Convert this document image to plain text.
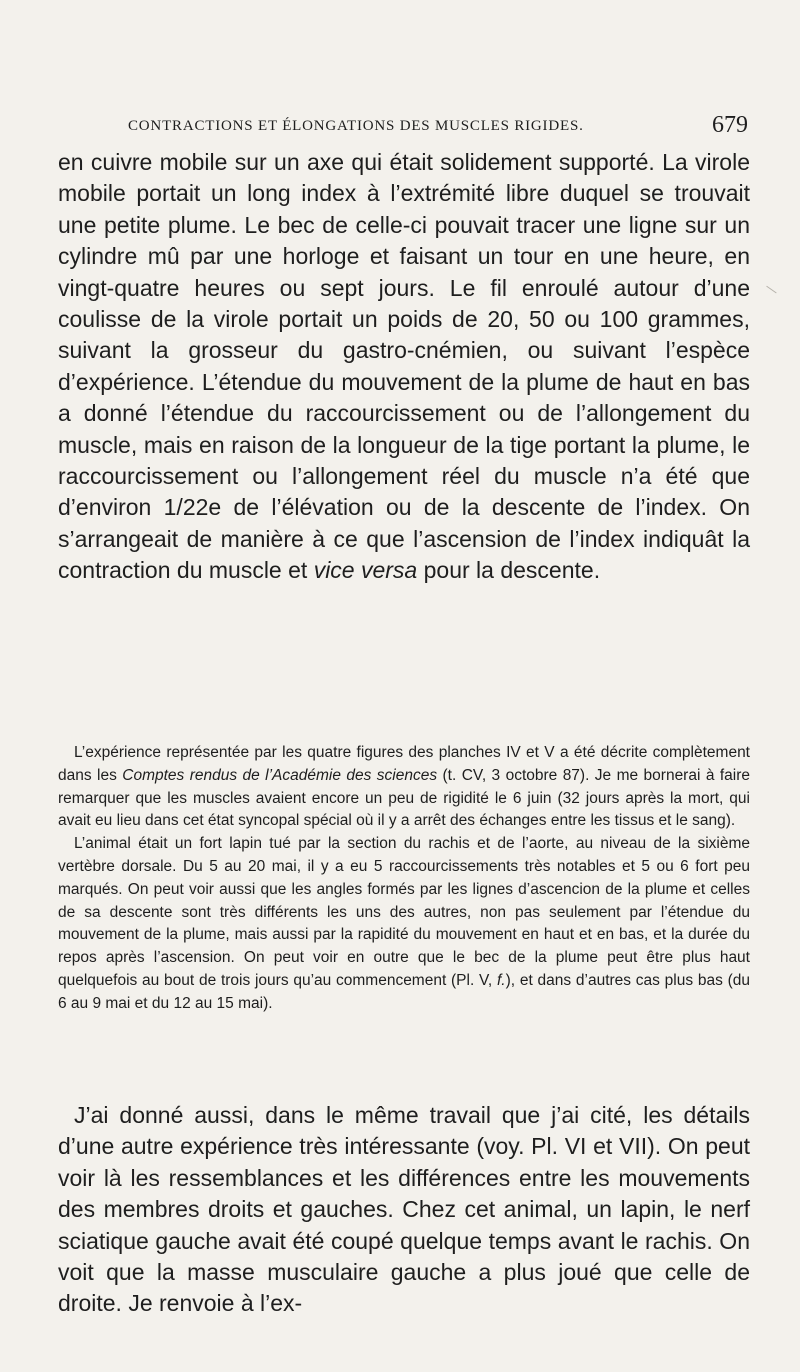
CONTRACTIONS ET ÉLONGATIONS DES MUSCLES RIGIDES.	679

en cuivre mobile sur un axe qui était solidement supporté. La virole mobile portait un long index à l’extrémité libre duquel se trouvait une petite plume. Le bec de celle-ci pouvait tracer une ligne sur un cylindre mû par une horloge et faisant un tour en une heure, en vingt-quatre heures ou sept jours. Le fil enroulé autour d’une coulisse de la virole portait un poids de 20, 50 ou 100 grammes, suivant la grosseur du gastro-cnémien, ou suivant l’espèce d’expérience. L’étendue du mouvement de la plume de haut en bas a donné l’étendue du raccourcissement ou de l’allongement du muscle, mais en raison de la longueur de la tige portant la plume, le raccourcissement ou l’allongement réel du muscle n’a été que d’environ 1/22e de l’élévation ou de la descente de l’index. On s’arrangeait de manière à ce que l’ascension de l’index indiquât la contraction du muscle et vice versa pour la descente.

L’expérience représentée par les quatre figures des planches IV et V a été décrite complètement dans les Comptes rendus de l’Académie des sciences (t. CV, 3 octobre 87). Je me bornerai à faire remarquer que les muscles avaient encore un peu de rigidité le 6 juin (32 jours après la mort, qui avait eu lieu dans cet état syncopal spécial où il y a arrêt des échanges entre les tissus et le sang).

L’animal était un fort lapin tué par la section du rachis et de l’aorte, au niveau de la sixième vertèbre dorsale. Du 5 au 20 mai, il y a eu 5 raccourcissements très notables et 5 ou 6 fort peu marqués. On peut voir aussi que les angles formés par les lignes d’ascencion de la plume et celles de sa descente sont très différents les uns des autres, non pas seulement par l’étendue du mouvement de la plume, mais aussi par la rapidité du mouvement en haut et en bas, et la durée du repos après l’ascension. On peut voir en outre que le bec de la plume peut être plus haut quelquefois au bout de trois jours qu’au commencement (Pl. V, f.), et dans d’autres cas plus bas (du 6 au 9 mai et du 12 au 15 mai).

J’ai donné aussi, dans le même travail que j’ai cité, les détails d’une autre expérience très intéressante (voy. Pl. VI et VII). On peut voir là les ressemblances et les différences entre les mouvements des membres droits et gauches. Chez cet animal, un lapin, le nerf sciatique gauche avait été coupé quelque temps avant le rachis. On voit que la masse musculaire gauche a plus joué que celle de droite. Je renvoie à l’ex-
